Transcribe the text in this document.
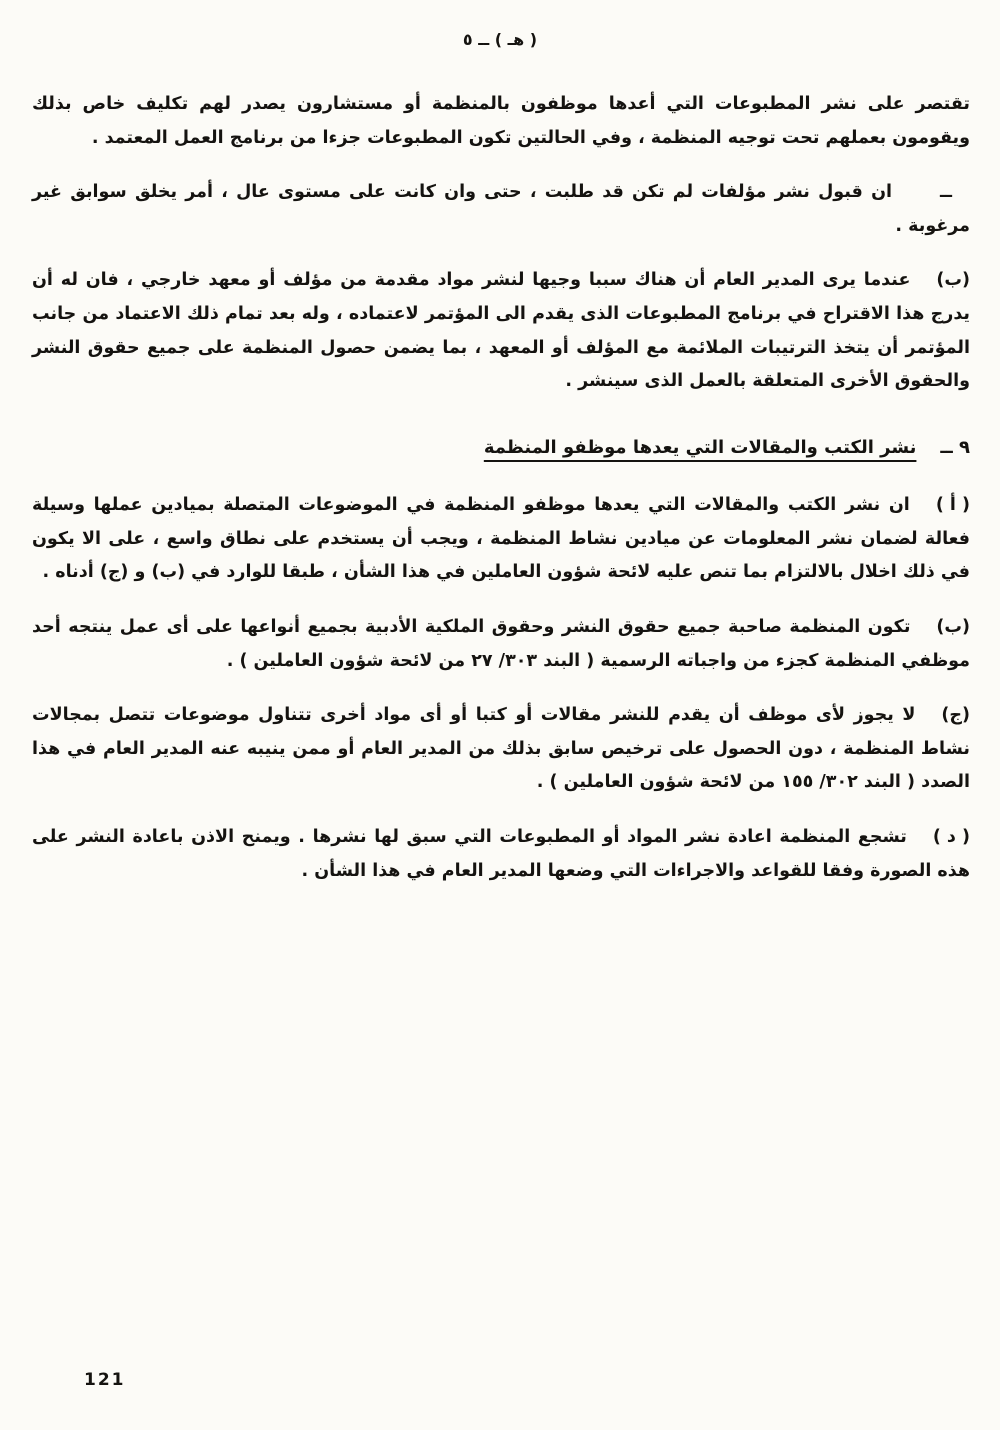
( هـ ) ــ ٥

تقتصر على نشر المطبوعات التي أعدها موظفون بالمنظمة أو مستشارون يصدر لهم تكليف خاص بذلك ويقومون بعملهم تحت توجيه المنظمة ، وفي الحالتين تكون المطبوعات جزءا من برنامج العمل المعتمد .

ــان قبول نشر مؤلفات لم تكن قد طلبت ، حتى وان كانت على مستوى عال ، أمر يخلق سوابق غير مرغوبة .

(ب)عندما يرى المدير العام أن هناك سببا وجيها لنشر مواد مقدمة من مؤلف أو معهد خارجي ، فان له أن يدرج هذا الاقتراح في برنامج المطبوعات الذى يقدم الى المؤتمر لاعتماده ، وله بعد تمام ذلك الاعتماد من جانب المؤتمر أن يتخذ الترتيبات الملائمة مع المؤلف أو المعهد ، بما يضمن حصول المنظمة على جميع حقوق النشر والحقوق الأخرى المتعلقة بالعمل الذى سينشر .

٩ ــنشر الكتب والمقالات التي يعدها موظفو المنظمة

( أ )ان نشر الكتب والمقالات التي يعدها موظفو المنظمة في الموضوعات المتصلة بميادين عملها وسيلة فعالة لضمان نشر المعلومات عن ميادين نشاط المنظمة ، ويجب أن يستخدم على نطاق واسع ، على الا يكون في ذلك اخلال بالالتزام بما تنص عليه لائحة شؤون العاملين في هذا الشأن ، طبقا للوارد في (ب) و (ج) أدناه .

(ب)تكون المنظمة صاحبة جميع حقوق النشر وحقوق الملكية الأدبية بجميع أنواعها على أى عمل ينتجه أحد موظفي المنظمة كجزء من واجباته الرسمية ( البند ٣٠٣/ ٢٧ من لائحة شؤون العاملين ) .

(ج)لا يجوز لأى موظف أن يقدم للنشر مقالات أو كتبا أو أى مواد أخرى تتناول موضوعات تتصل بمجالات نشاط المنظمة ، دون الحصول على ترخيص سابق بذلك من المدير العام أو ممن ينيبه عنه المدير العام في هذا الصدد ( البند ٣٠٢/ ١٥٥ من لائحة شؤون العاملين ) .

( د )تشجع المنظمة اعادة نشر المواد أو المطبوعات التي سبق لها نشرها . ويمنح الاذن باعادة النشر على هذه الصورة وفقا للقواعد والاجراءات التي وضعها المدير العام في هذا الشأن .

121
